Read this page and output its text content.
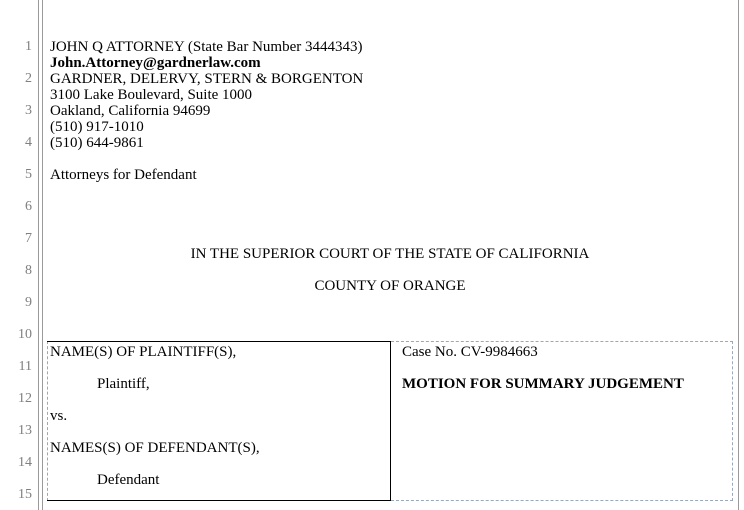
1
2
3
4
5
6
7
8
9
10
11
12
13
14
15
JOHN Q ATTORNEY (State Bar Number 3444343)
John.Attorney@gardnerlaw.com
GARDNER, DELERVY, STERN & BORGENTON
3100 Lake Boulevard, Suite 1000
Oakland, California 94699
(510) 917-1010
(510) 644-9861
Attorneys for Defendant
IN THE SUPERIOR COURT OF THE STATE OF CALIFORNIA
COUNTY OF ORANGE
NAME(S) OF PLAINTIFF(S),
Plaintiff,
vs.
NAMES(S) OF DEFENDANT(S),
Defendant
Case No. CV-9984663
MOTION FOR SUMMARY JUDGEMENT
